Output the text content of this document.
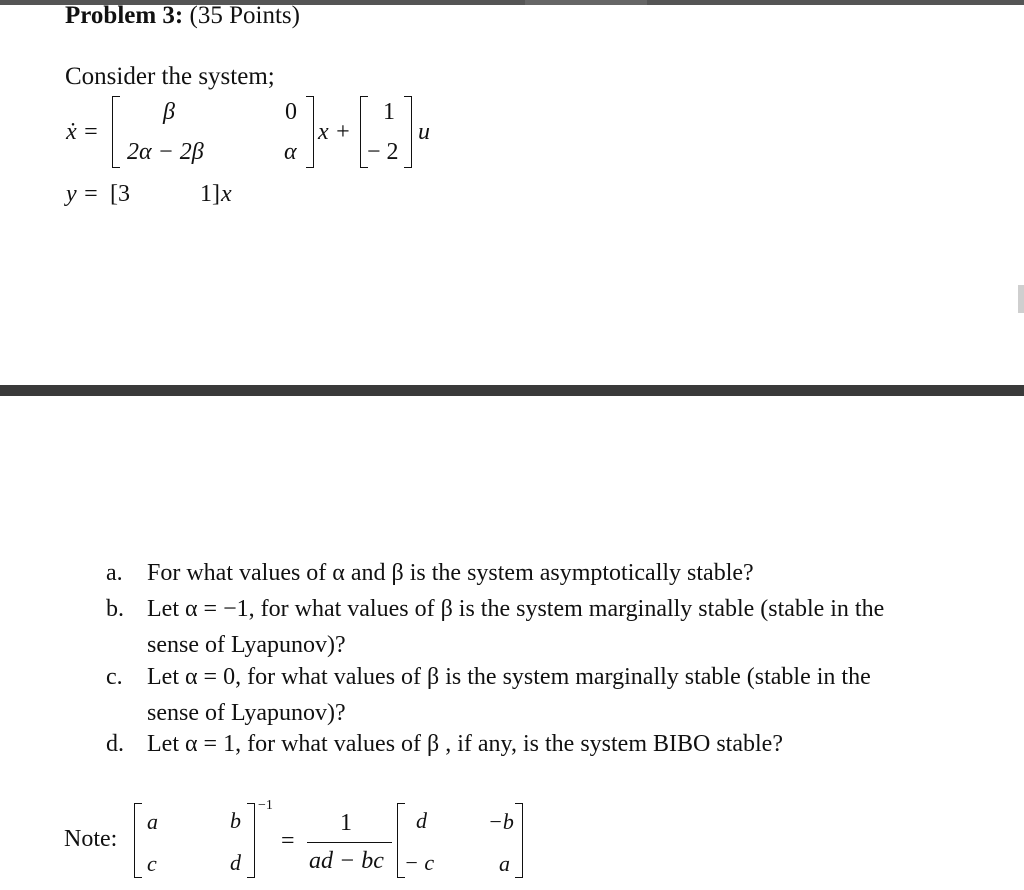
Problem 3: (35 Points)
Consider the system;
ẋ =
β	0
2α − 2β	α
x +
1
− 2
u
y = [3	1] x
a. For what values of α and β is the system asymptotically stable?
b. Let α = −1, for what values of β is the system marginally stable (stable in the
sense of Lyapunov)?
c. Let α = 0, for what values of β is the system marginally stable (stable in the
sense of Lyapunov)?
d. Let α = 1, for what values of β , if any, is the system BIBO stable?
Note:
a	b
c	d
−1
=
1
ad − bc
d	−b
− c	a
